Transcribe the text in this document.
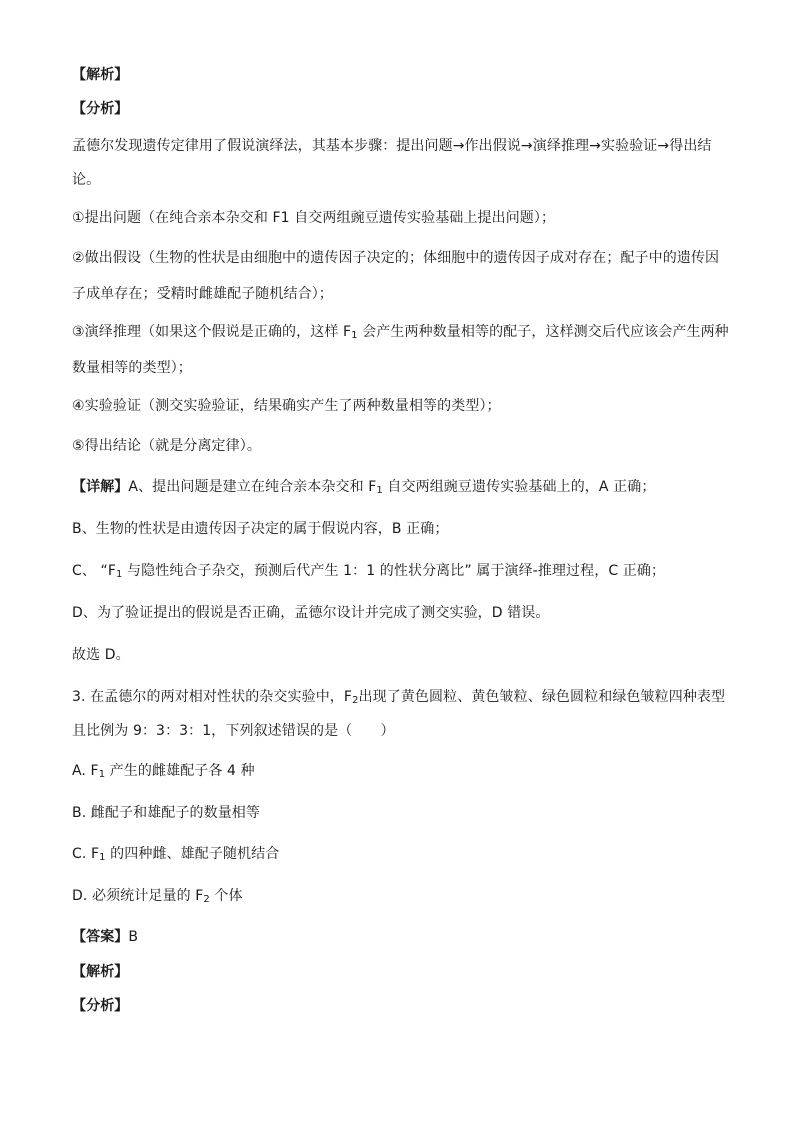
【解析】
【分析】
孟德尔发现遗传定律用了假说演绎法，其基本步骤：提出问题→作出假说→演绎推理→实验验证→得出结
论。
①提出问题（在纯合亲本杂交和 F1 自交两组豌豆遗传实验基础上提出问题）；
②做出假设（生物的性状是由细胞中的遗传因子决定的；体细胞中的遗传因子成对存在；配子中的遗传因
子成单存在；受精时雌雄配子随机结合）；
③演绎推理（如果这个假说是正确的，这样 $F_1$ 会产生两种数量相等的配子，这样测交后代应该会产生两种
数量相等的类型）；
④实验验证（测交实验验证，结果确实产生了两种数量相等的类型）；
⑤得出结论（就是分离定律）。
【详解】A、提出问题是建立在纯合亲本杂交和 $F_1$ 自交两组豌豆遗传实验基础上的，A 正确；
B、生物的性状是由遗传因子决定的属于假说内容，B 正确；
C、 “$F_1$ 与隐性纯合子杂交，预测后代产生 1：1 的性状分离比” 属于演绎-推理过程，C 正确；
D、为了验证提出的假说是否正确，孟德尔设计并完成了测交实验，D 错误。
故选 D。
3. 在孟德尔的两对相对性状的杂交实验中，$F_2$出现了黄色圆粒、黄色皱粒、绿色圆粒和绿色皱粒四种表型
且比例为 9：3：3：1，下列叙述错误的是（　　）
A. $F_1$ 产生的雌雄配子各 4 种
B. 雌配子和雄配子的数量相等
C. $F_1$ 的四种雌、雄配子随机结合
D. 必须统计足量的 $F_2$ 个体
【答案】B
【解析】
【分析】
